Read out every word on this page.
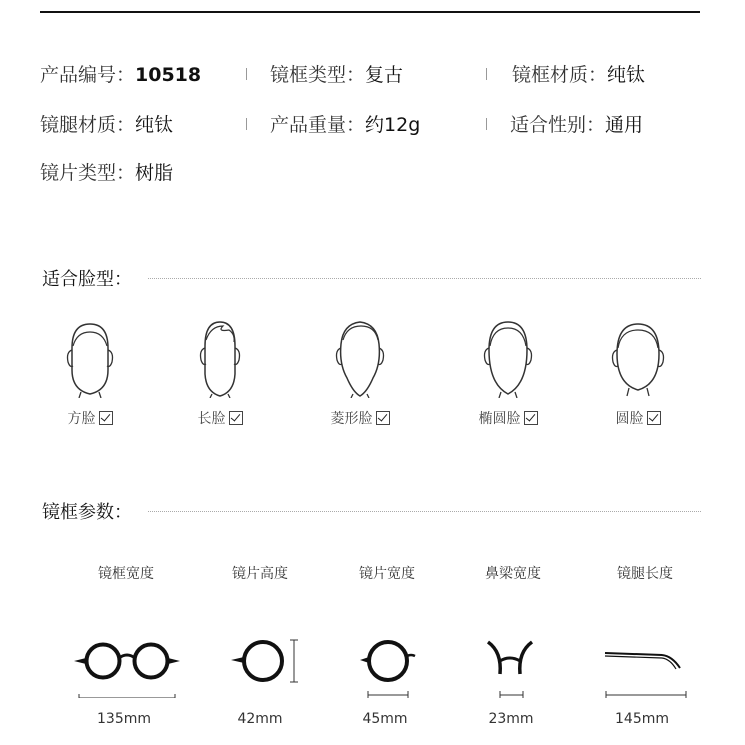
产品编号：10518	镜框类型：复古	镜框材质：纯钛
镜腿材质：纯钛	产品重量：约12g	适合性别：通用
镜片类型：树脂
适合脸型：
方脸	长脸	菱形脸	椭圆脸	圆脸
镜框参数：
镜框宽度
135mm
镜片高度
42mm
镜片宽度
45mm
鼻梁宽度
23mm
镜腿长度
145mm
